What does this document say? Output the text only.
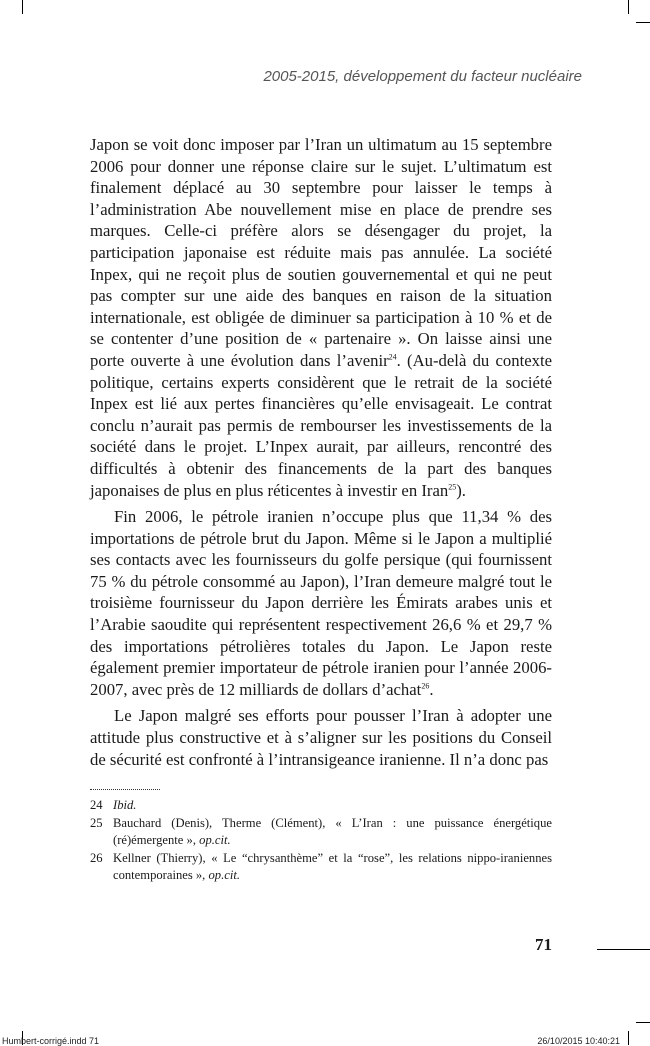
2005-2015, développement du facteur nucléaire

Japon se voit donc imposer par l’Iran un ultimatum au 15 septembre 2006 pour donner une réponse claire sur le sujet. L’ultimatum est finalement déplacé au 30 septembre pour laisser le temps à l’administration Abe nouvellement mise en place de prendre ses marques. Celle-ci préfère alors se désengager du projet, la participation japonaise est réduite mais pas annulée. La société Inpex, qui ne reçoit plus de soutien gouvernemental et qui ne peut pas compter sur une aide des banques en raison de la situation internationale, est obligée de diminuer sa participation à 10 % et de se contenter d’une position de « partenaire ». On laisse ainsi une porte ouverte à une évolution dans l’avenir$^{24}$. (Au-delà du contexte politique, certains experts considèrent que le retrait de la société Inpex est lié aux pertes financières qu’elle envisageait. Le contrat conclu n’aurait pas permis de rembourser les investissements de la société dans le projet. L’Inpex aurait, par ailleurs, rencontré des difficultés à obtenir des financements de la part des banques japonaises de plus en plus réticentes à investir en Iran$^{25}$).

Fin 2006, le pétrole iranien n’occupe plus que 11,34 % des importations de pétrole brut du Japon. Même si le Japon a multiplié ses contacts avec les fournisseurs du golfe persique (qui fournissent 75 % du pétrole consommé au Japon), l’Iran demeure malgré tout le troisième fournisseur du Japon derrière les Émirats arabes unis et l’Arabie saoudite qui représentent respectivement 26,6 % et 29,7 % des importations pétrolières totales du Japon. Le Japon reste également premier importateur de pétrole iranien pour l’année 2006-2007, avec près de 12 milliards de dollars d’achat$^{26}$.

Le Japon malgré ses efforts pour pousser l’Iran à adopter une attitude plus constructive et à s’aligner sur les positions du Conseil de sécurité est confronté à l’intransigeance iranienne. Il n’a donc pas

24 Ibid.
25 Bauchard (Denis), Therme (Clément), « L’Iran : une puissance énergétique (ré)émergente », op.cit.
26 Kellner (Thierry), « Le “chrysanthème” et la “rose”, les relations nippo-iraniennes contemporaines », op.cit.
71
Humbert-corrigé.indd 71	26/10/2015 10:40:21
